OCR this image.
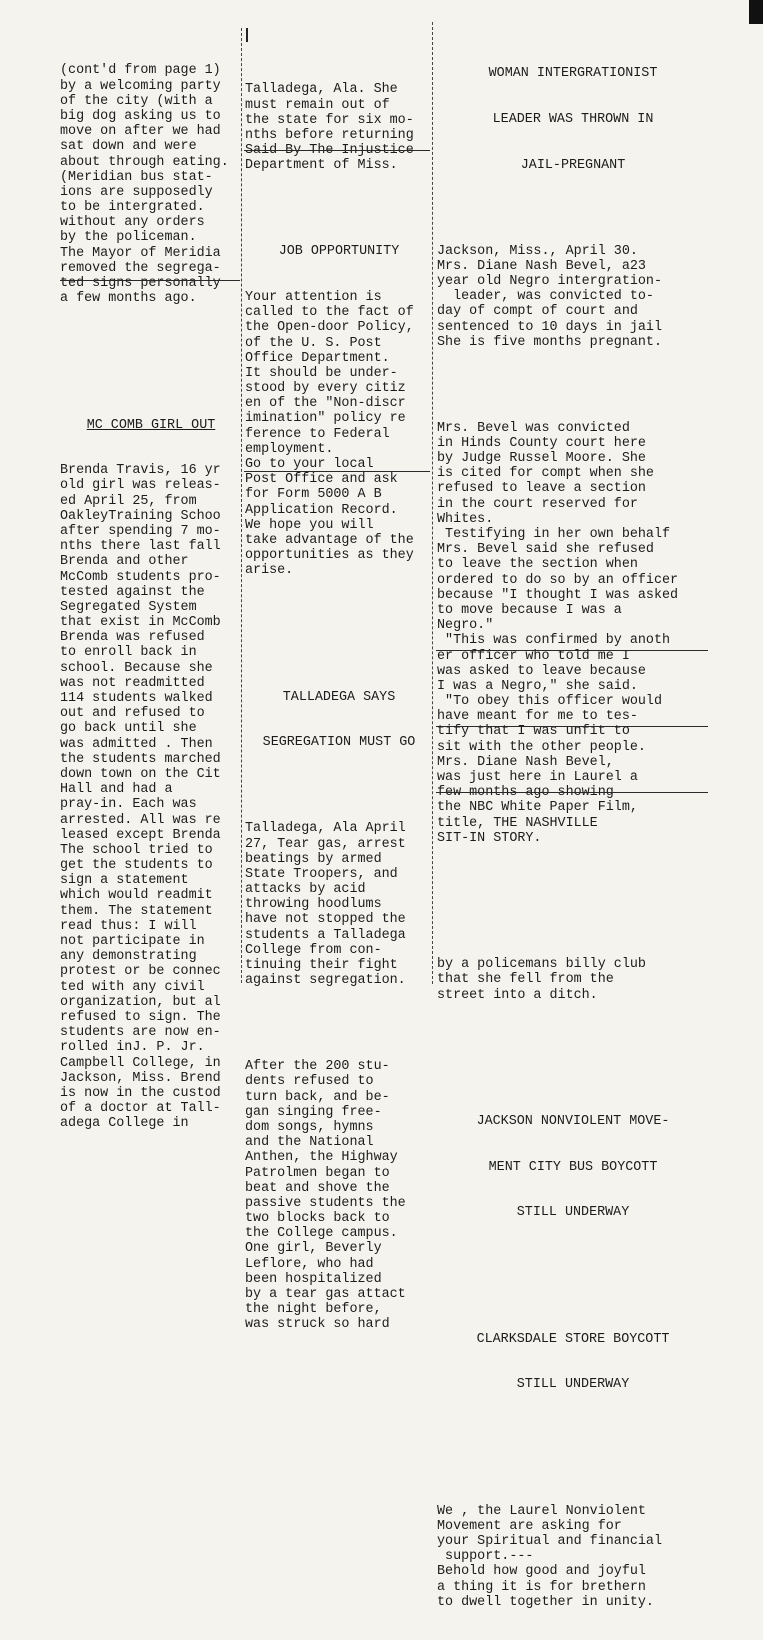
(cont'd from page 1)
by a welcoming party
of the city (with a
big dog asking us to
move on after we had
sat down and were
about through eating.
(Meridian bus stat-
ions are supposedly
to be intergrated.
without any orders
by the policeman.
The Mayor of Meridia
removed the segrega-
ted signs personally
a few months ago.

MC COMB GIRL OUT

Brenda Travis, 16 yr
old girl was releas-
ed April 25, from
OakleyTraining Schoo
after spending 7 mo-
nths there last fall
Brenda and other
McComb students pro-
tested against the
Segregated System
that exist in McComb
Brenda was refused
to enroll back in
school. Because she
was not readmitted
114 students walked
out and refused to
go back until she
was admitted . Then
the students marched
down town on the Cit
Hall and had a
pray-in. Each was
arrested. All was re
leased except Brenda
The school tried to
get the students to
sign a statement
which would readmit
them. The statement
read thus: I will
not participate in
any demonstrating
protest or be connec
ted with any civil
organization, but al
refused to sign. The
students are now en-
rolled inJ. P. Jr.
Campbell College, in
Jackson, Miss. Brend
is now in the custod
of a doctor at Tall-
adega College in

Talladega, Ala. She
must remain out of
the state for six mo-
nths before returning
Said By The Injustice
Department of Miss.

JOB OPPORTUNITY

Your attention is
called to the fact of
the Open-door Policy,
of the U. S. Post
Office Department.
It should be under-
stood by every citiz
en of the "Non-discr
imination" policy re
ference to Federal
employment.
Go to your local
Post Office and ask
for Form 5000 A B
Application Record.
We hope you will
take advantage of the
opportunities as they
arise.

TALLADEGA SAYS

SEGREGATION MUST GO

Talladega, Ala April
27, Tear gas, arrest
beatings by armed
State Troopers, and
attacks by acid
throwing hoodlums
have not stopped the
students a Talladega
College from con-
tinuing their fight
against segregation.

After the 200 stu-
dents refused to
turn back, and be-
gan singing free-
dom songs, hymns
and the National
Anthen, the Highway
Patrolmen began to
beat and shove the
passive students the
two blocks back to
the College campus.
One girl, Beverly
Leflore, who had
been hospitalized
by a tear gas attact
the night before,
was struck so hard

WOMAN INTERGRATIONIST

LEADER WAS THROWN IN

JAIL-PREGNANT

Jackson, Miss., April 30.
Mrs. Diane Nash Bevel, a23
year old Negro intergration-
leader, was convicted to-
day of compt of court and
sentenced to 10 days in jail
She is five months pregnant.

Mrs. Bevel was convicted
in Hinds County court here
by Judge Russel Moore. She
is cited for compt when she
refused to leave a section
in the court reserved for
Whites.
Testifying in her own behalf
Mrs. Bevel said she refused
to leave the section when
ordered to do so by an officer
because "I thought I was asked
to move because I was a
Negro."
"This was confirmed by anoth
er officer who told me I
was asked to leave because
I was a Negro," she said.
"To obey this officer would
have meant for me to tes-
tify that I was unfit to
sit with the other people.
Mrs. Diane Nash Bevel,
was just here in Laurel a
few months ago showing
the NBC White Paper Film,
title, THE NASHVILLE
SIT-IN STORY.

by a policemans billy club
that she fell from the
street into a ditch.

JACKSON NONVIOLENT MOVE-

MENT CITY BUS BOYCOTT

STILL UNDERWAY

CLARKSDALE STORE BOYCOTT

STILL UNDERWAY

We , the Laurel Nonviolent
Movement are asking for
your Spiritual and financial
support.---
Behold how good and joyful
a thing it is for brethern
to dwell together in unity.
